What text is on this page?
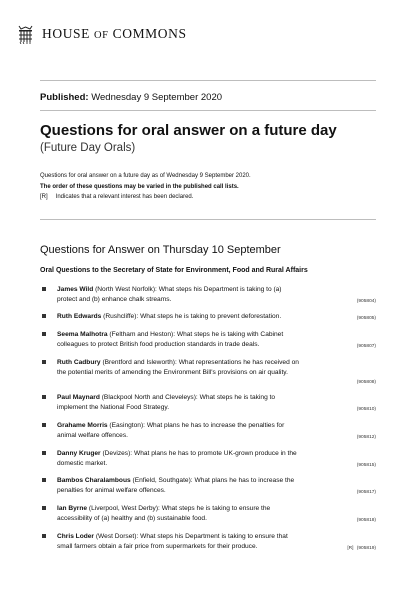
HOUSE OF COMMONS
Published: Wednesday 9 September 2020
Questions for oral answer on a future day
(Future Day Orals)
Questions for oral answer on a future day as of Wednesday 9 September 2020.
The order of these questions may be varied in the published call lists.
[R] Indicates that a relevant interest has been declared.
Questions for Answer on Thursday 10 September
Oral Questions to the Secretary of State for Environment, Food and Rural Affairs
James Wild (North West Norfolk): What steps his Department is taking to (a)
protect and (b) enhance chalk streams.	(905804)
Ruth Edwards (Rushcliffe): What steps he is taking to prevent deforestation.	(905805)
Seema Malhotra (Feltham and Heston): What steps he is taking with Cabinet
colleagues to protect British food production standards in trade deals.	(905807)
Ruth Cadbury (Brentford and Isleworth): What representations he has received on
the potential merits of amending the Environment Bill's provisions on air quality.
(905808)
Paul Maynard (Blackpool North and Cleveleys): What steps he is taking to
implement the National Food Strategy.	(905810)
Grahame Morris (Easington): What plans he has to increase the penalties for
animal welfare offences.	(905812)
Danny Kruger (Devizes): What plans he has to promote UK-grown produce in the
domestic market.	(905815)
Bambos Charalambous (Enfield, Southgate): What plans he has to increase the
penalties for animal welfare offences.	(905817)
Ian Byrne (Liverpool, West Derby): What steps he is taking to ensure the
accessibility of (a) healthy and (b) sustainable food.	(905818)
Chris Loder (West Dorset): What steps his Department is taking to ensure that
small farmers obtain a fair price from supermarkets for their produce.	[R] (905819)
